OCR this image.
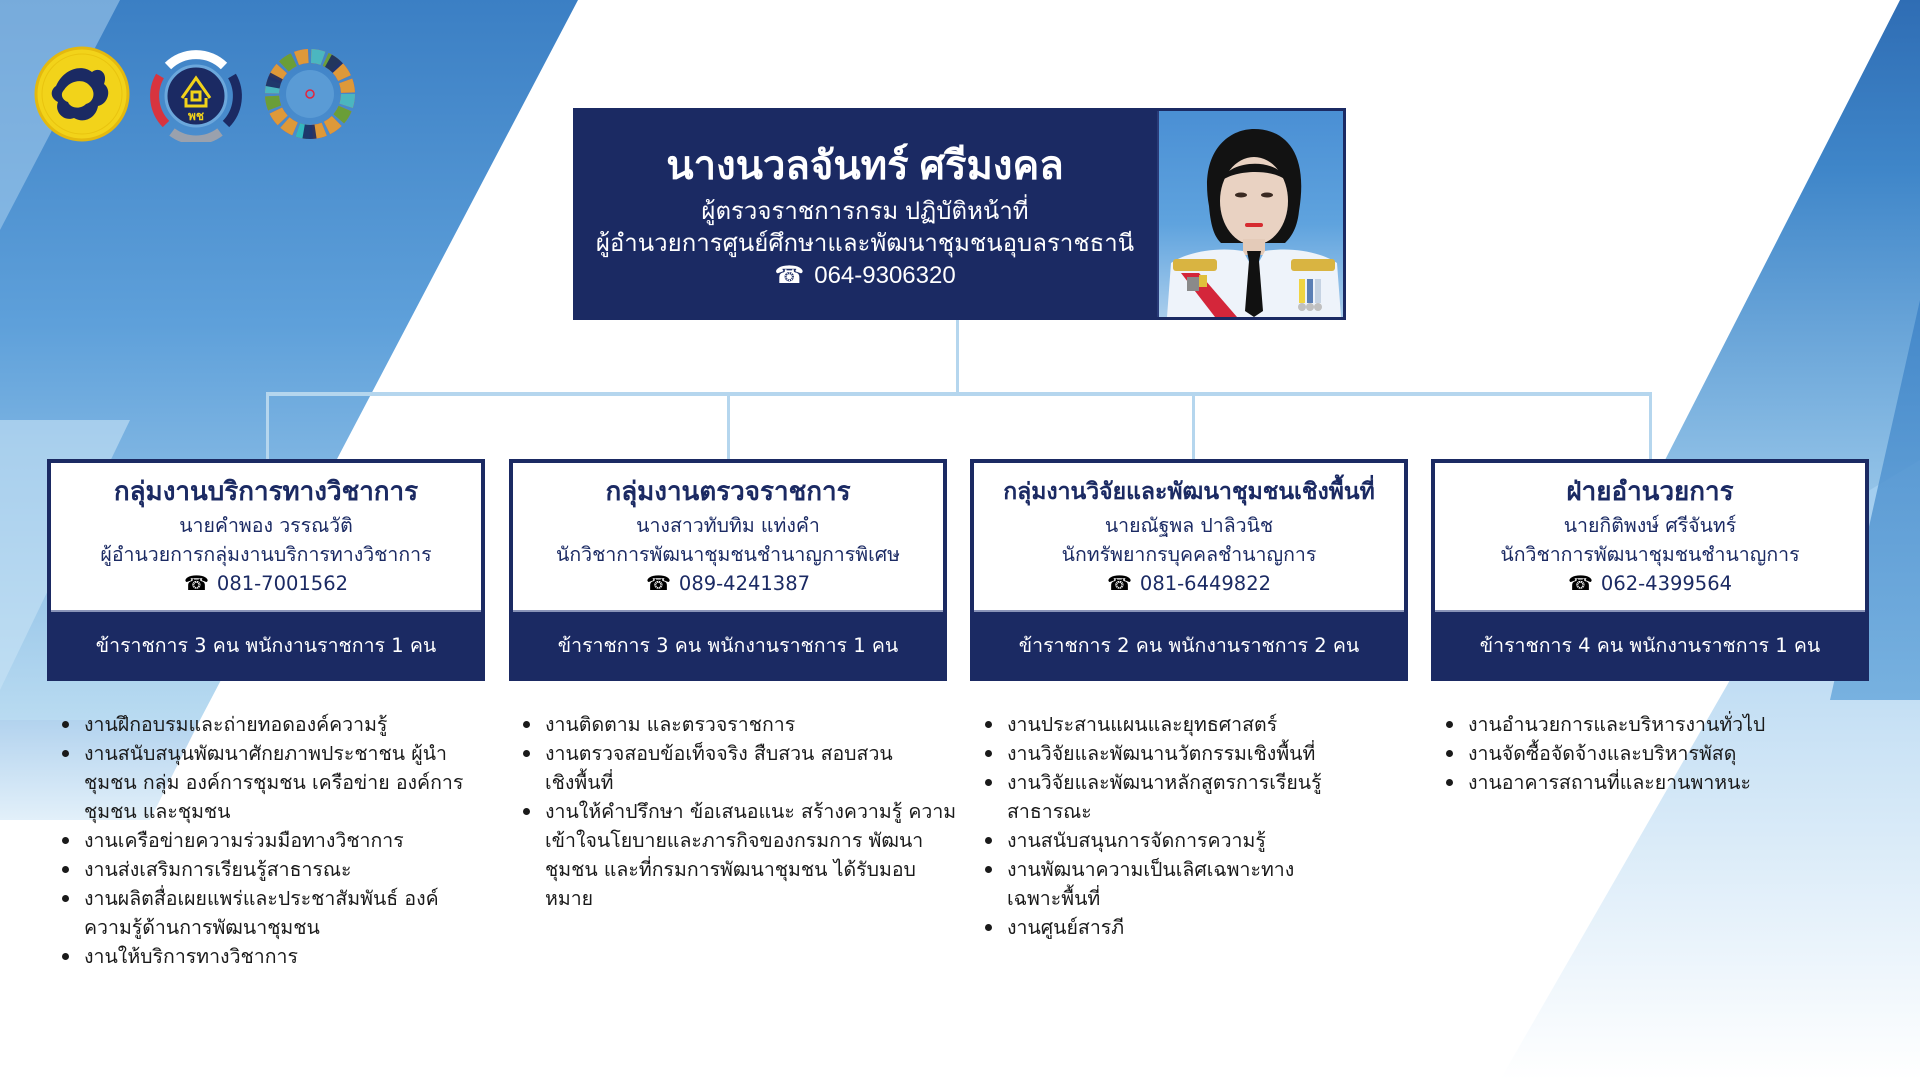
พช
นางนวลจันทร์ ศรีมงคล
ผู้ตรวจราชการกรม ปฏิบัติหน้าที่
ผู้อำนวยการศูนย์ศึกษาและพัฒนาชุมชนอุบลราชธานี
☎ 064-9306320
กลุ่มงานบริการทางวิชาการ
นายคำพอง วรรณวัติ
ผู้อำนวยการกลุ่มงานบริการทางวิชาการ
☎ 081-7001562
ข้าราชการ 3 คน พนักงานราชการ 1 คน
กลุ่มงานตรวจราชการ
นางสาวทับทิม แท่งคำ
นักวิชาการพัฒนาชุมชนชำนาญการพิเศษ
☎ 089-4241387
ข้าราชการ 3 คน พนักงานราชการ 1 คน
กลุ่มงานวิจัยและพัฒนาชุมชนเชิงพื้นที่
นายณัฐพล ปาลิวนิช
นักทรัพยากรบุคคลชำนาญการ
☎ 081-6449822
ข้าราชการ 2 คน พนักงานราชการ 2 คน
ฝ่ายอำนวยการ
นายกิติพงษ์ ศรีจันทร์
นักวิชาการพัฒนาชุมชนชำนาญการ
☎ 062-4399564
ข้าราชการ 4 คน พนักงานราชการ 1 คน
งานฝึกอบรมและถ่ายทอดองค์ความรู้
งานสนับสนุนพัฒนาศักยภาพประชาชน ผู้นำชุมชน กลุ่ม องค์การชุมชน เครือข่าย องค์การชุมชน และชุมชน
งานเครือข่ายความร่วมมือทางวิชาการ
งานส่งเสริมการเรียนรู้สาธารณะ
งานผลิตสื่อเผยแพร่และประชาสัมพันธ์ องค์ความรู้ด้านการพัฒนาชุมชน
งานให้บริการทางวิชาการ
งานติดตาม และตรวจราชการ
งานตรวจสอบข้อเท็จจริง สืบสวน สอบสวนเชิงพื้นที่
งานให้คำปรึกษา ข้อเสนอแนะ สร้างความรู้ ความเข้าใจนโยบายและภารกิจของกรมการ พัฒนาชุมชน และที่กรมการพัฒนาชุมชน ได้รับมอบหมาย
งานประสานแผนและยุทธศาสตร์
งานวิจัยและพัฒนานวัตกรรมเชิงพื้นที่
งานวิจัยและพัฒนาหลักสูตรการเรียนรู้ สาธารณะ
งานสนับสนุนการจัดการความรู้
งานพัฒนาความเป็นเลิศเฉพาะทาง เฉพาะพื้นที่
งานศูนย์สารภี
งานอำนวยการและบริหารงานทั่วไป
งานจัดซื้อจัดจ้างและบริหารพัสดุ
งานอาคารสถานที่และยานพาหนะ
